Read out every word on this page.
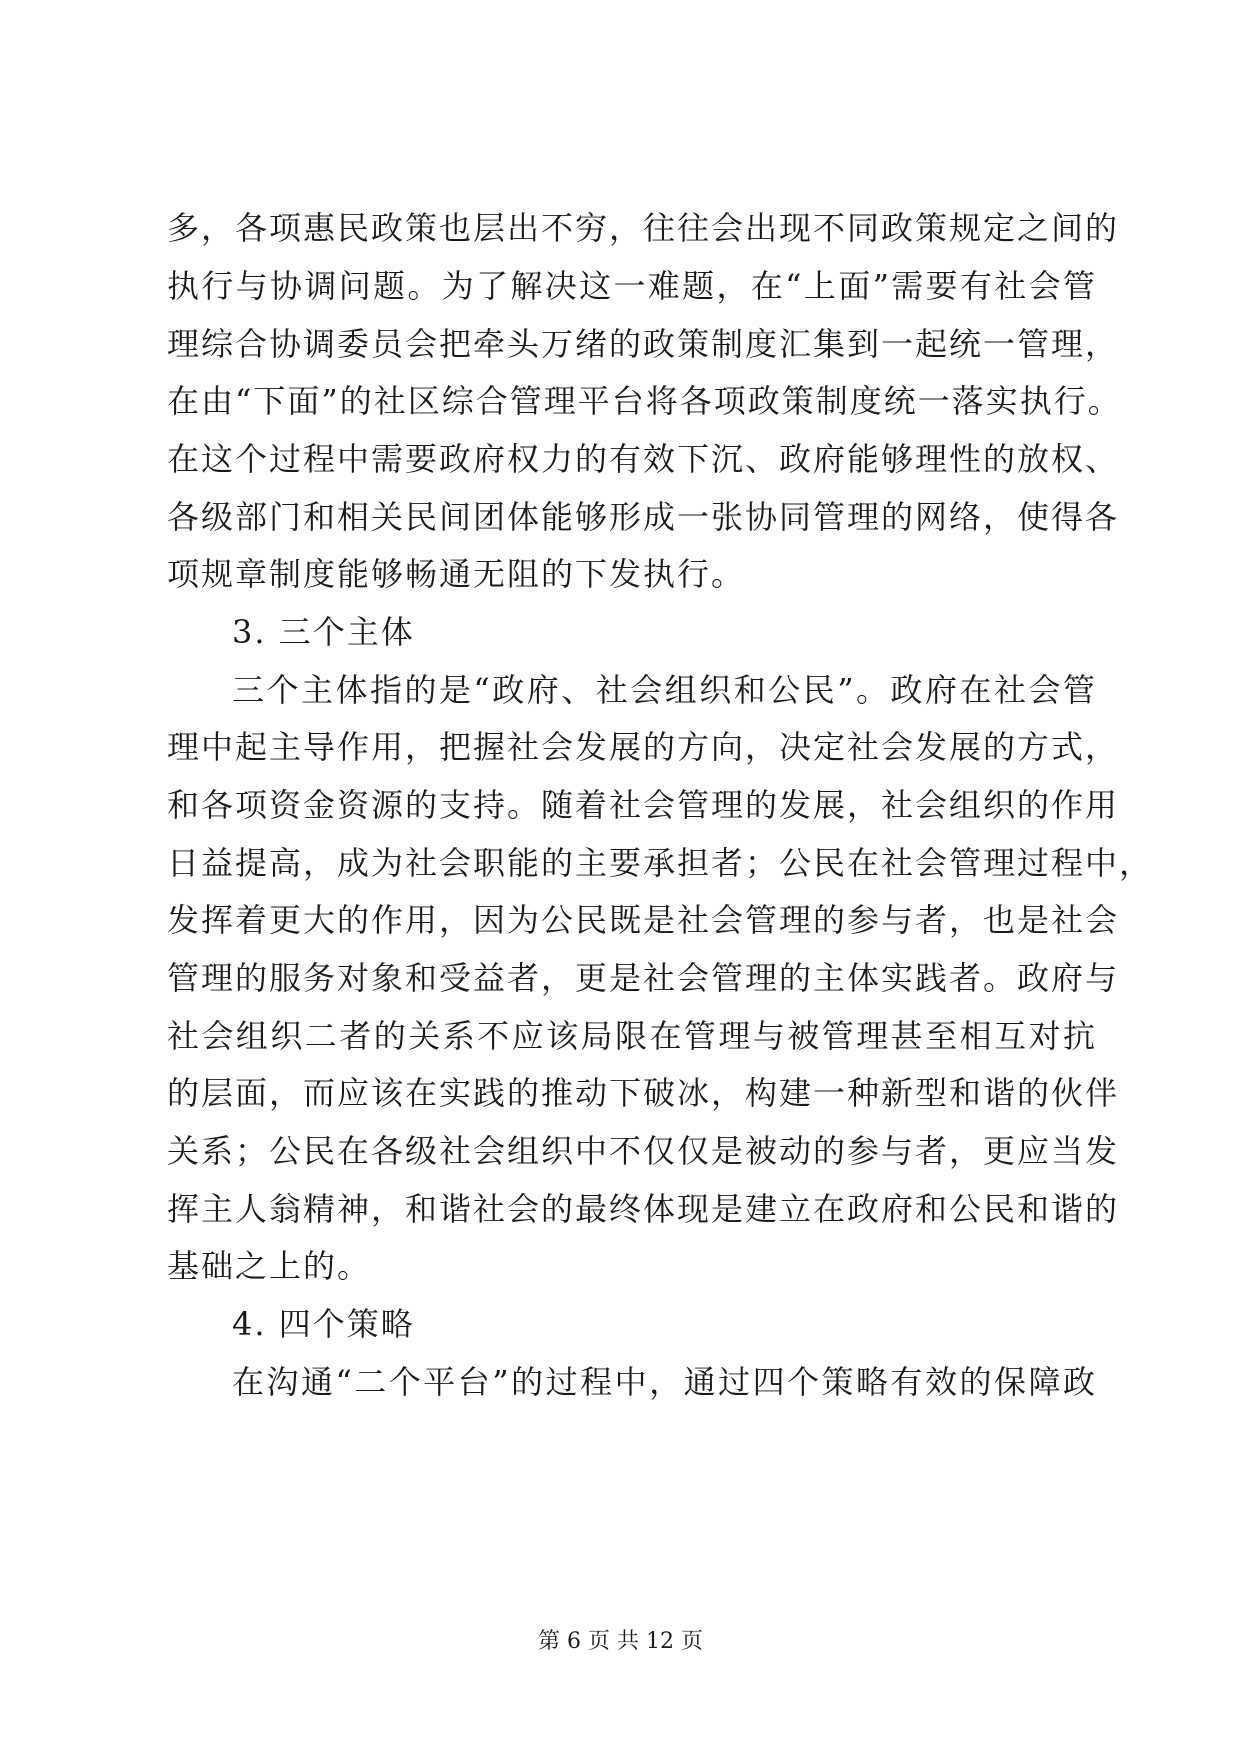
多，各项惠民政策也层出不穷，往往会出现不同政策规定之间的
执行与协调问题。为了解决这一难题，在“上面”需要有社会管
理综合协调委员会把牵头万绪的政策制度汇集到一起统一管理，
在由“下面”的社区综合管理平台将各项政策制度统一落实执行。
在这个过程中需要政府权力的有效下沉、政府能够理性的放权、
各级部门和相关民间团体能够形成一张协同管理的网络，使得各
项规章制度能够畅通无阻的下发执行。
3. 三个主体
三个主体指的是“政府、社会组织和公民”。政府在社会管
理中起主导作用，把握社会发展的方向，决定社会发展的方式，
和各项资金资源的支持。随着社会管理的发展，社会组织的作用
日益提高，成为社会职能的主要承担者；公民在社会管理过程中，
发挥着更大的作用，因为公民既是社会管理的参与者，也是社会
管理的服务对象和受益者，更是社会管理的主体实践者。政府与
社会组织二者的关系不应该局限在管理与被管理甚至相互对抗
的层面，而应该在实践的推动下破冰，构建一种新型和谐的伙伴
关系；公民在各级社会组织中不仅仅是被动的参与者，更应当发
挥主人翁精神，和谐社会的最终体现是建立在政府和公民和谐的
基础之上的。
4. 四个策略
在沟通“二个平台”的过程中，通过四个策略有效的保障政
第 6 页 共 12 页
